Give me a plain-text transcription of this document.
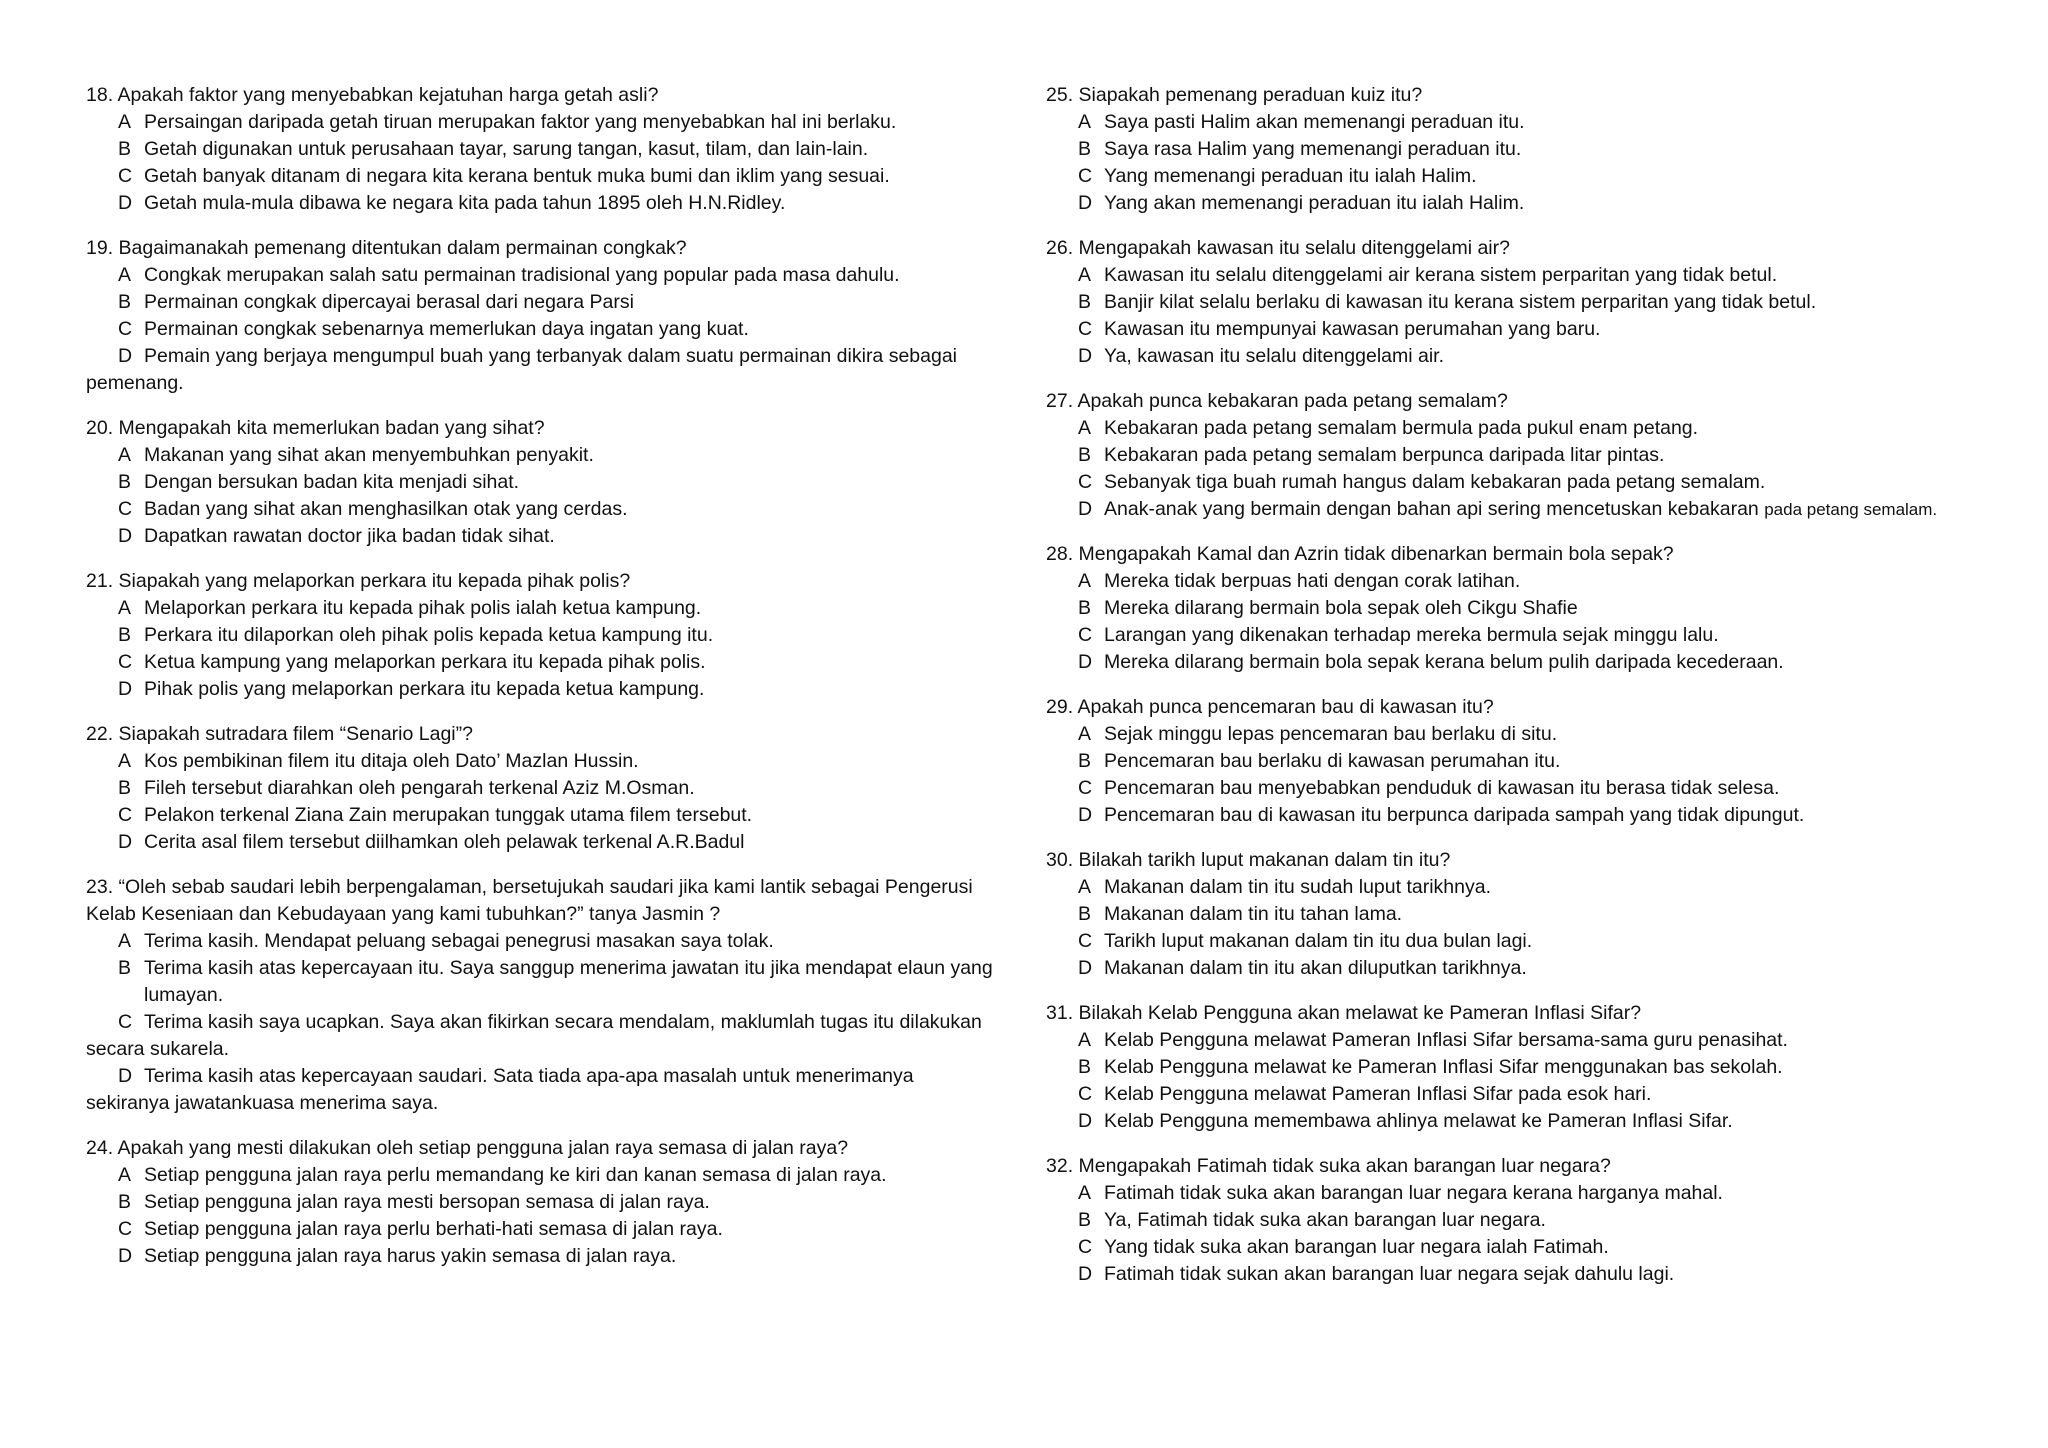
18. Apakah faktor yang menyebabkan kejatuhan harga getah asli?
A Persaingan daripada getah tiruan merupakan faktor yang menyebabkan hal ini berlaku.
B Getah digunakan untuk perusahaan tayar, sarung tangan, kasut, tilam, dan lain-lain.
C Getah banyak ditanam di negara kita kerana bentuk muka bumi dan iklim yang sesuai.
D Getah mula-mula dibawa ke negara kita pada tahun 1895 oleh H.N.Ridley.
19. Bagaimanakah pemenang ditentukan dalam permainan congkak?
A Congkak merupakan salah satu permainan tradisional yang popular pada masa dahulu.
B Permainan congkak dipercayai berasal dari negara Parsi
C Permainan congkak sebenarnya memerlukan daya ingatan yang kuat.
D Pemain yang berjaya mengumpul buah yang terbanyak dalam suatu permainan dikira sebagai
pemenang.
20. Mengapakah kita memerlukan badan yang sihat?
A Makanan yang sihat akan menyembuhkan penyakit.
B Dengan bersukan badan kita menjadi sihat.
C Badan yang sihat akan menghasilkan otak yang cerdas.
D Dapatkan rawatan doctor jika badan tidak sihat.
21. Siapakah yang melaporkan perkara itu kepada pihak polis?
A Melaporkan perkara itu kepada pihak polis ialah ketua kampung.
B Perkara itu dilaporkan oleh pihak polis kepada ketua kampung itu.
C Ketua kampung yang melaporkan perkara itu kepada pihak polis.
D Pihak polis yang melaporkan perkara itu kepada ketua kampung.
22. Siapakah sutradara filem “Senario Lagi”?
A Kos pembikinan filem itu ditaja oleh Dato’ Mazlan Hussin.
B Fileh tersebut diarahkan oleh pengarah terkenal Aziz M.Osman.
C Pelakon terkenal Ziana Zain merupakan tunggak utama filem tersebut.
D Cerita asal filem tersebut diilhamkan oleh pelawak terkenal A.R.Badul
23. “Oleh sebab saudari lebih berpengalaman, bersetujukah saudari jika kami lantik sebagai Pengerusi
Kelab Keseniaan dan Kebudayaan yang kami tubuhkan?” tanya Jasmin ?
A Terima kasih. Mendapat peluang sebagai penegrusi masakan saya tolak.
B Terima kasih atas kepercayaan itu. Saya sanggup menerima jawatan itu jika mendapat elaun yang
lumayan.
C Terima kasih saya ucapkan. Saya akan fikirkan secara mendalam, maklumlah tugas itu dilakukan
secara sukarela.
D Terima kasih atas kepercayaan saudari. Sata tiada apa-apa masalah untuk menerimanya
sekiranya jawatankuasa menerima saya.
24. Apakah yang mesti dilakukan oleh setiap pengguna jalan raya semasa di jalan raya?
A Setiap pengguna jalan raya perlu memandang ke kiri dan kanan semasa di jalan raya.
B Setiap pengguna jalan raya mesti bersopan semasa di jalan raya.
C Setiap pengguna jalan raya perlu berhati-hati semasa di jalan raya.
D Setiap pengguna jalan raya harus yakin semasa di jalan raya.
25. Siapakah pemenang peraduan kuiz itu?
A Saya pasti Halim akan memenangi peraduan itu.
B Saya rasa Halim yang memenangi peraduan itu.
C Yang memenangi peraduan itu ialah Halim.
D Yang akan memenangi peraduan itu ialah Halim.
26. Mengapakah kawasan itu selalu ditenggelami air?
A Kawasan itu selalu ditenggelami air kerana sistem perparitan yang tidak betul.
B Banjir kilat selalu berlaku di kawasan itu kerana sistem perparitan yang tidak betul.
C Kawasan itu mempunyai kawasan perumahan yang baru.
D Ya, kawasan itu selalu ditenggelami air.
27. Apakah punca kebakaran pada petang semalam?
A Kebakaran pada petang semalam bermula pada pukul enam petang.
B Kebakaran pada petang semalam berpunca daripada litar pintas.
C Sebanyak tiga buah rumah hangus dalam kebakaran pada petang semalam.
D Anak-anak yang bermain dengan bahan api sering mencetuskan kebakaran pada petang semalam.
28. Mengapakah Kamal dan Azrin tidak dibenarkan bermain bola sepak?
A Mereka tidak berpuas hati dengan corak latihan.
B Mereka dilarang bermain bola sepak oleh Cikgu Shafie
C Larangan yang dikenakan terhadap mereka bermula sejak minggu lalu.
D Mereka dilarang bermain bola sepak kerana belum pulih daripada kecederaan.
29. Apakah punca pencemaran bau di kawasan itu?
A Sejak minggu lepas pencemaran bau berlaku di situ.
B Pencemaran bau berlaku di kawasan perumahan itu.
C Pencemaran bau menyebabkan penduduk di kawasan itu berasa tidak selesa.
D Pencemaran bau di kawasan itu berpunca daripada sampah yang tidak dipungut.
30. Bilakah tarikh luput makanan dalam tin itu?
A Makanan dalam tin itu sudah luput tarikhnya.
B Makanan dalam tin itu tahan lama.
C Tarikh luput makanan dalam tin itu dua bulan lagi.
D Makanan dalam tin itu akan diluputkan tarikhnya.
31. Bilakah Kelab Pengguna akan melawat ke Pameran Inflasi Sifar?
A Kelab Pengguna melawat Pameran Inflasi Sifar bersama-sama guru penasihat.
B Kelab Pengguna melawat ke Pameran Inflasi Sifar menggunakan bas sekolah.
C Kelab Pengguna melawat Pameran Inflasi Sifar pada esok hari.
D Kelab Pengguna memembawa ahlinya melawat ke Pameran Inflasi Sifar.
32. Mengapakah Fatimah tidak suka akan barangan luar negara?
A Fatimah tidak suka akan barangan luar negara kerana harganya mahal.
B Ya, Fatimah tidak suka akan barangan luar negara.
C Yang tidak suka akan barangan luar negara ialah Fatimah.
D Fatimah tidak sukan akan barangan luar negara sejak dahulu lagi.
